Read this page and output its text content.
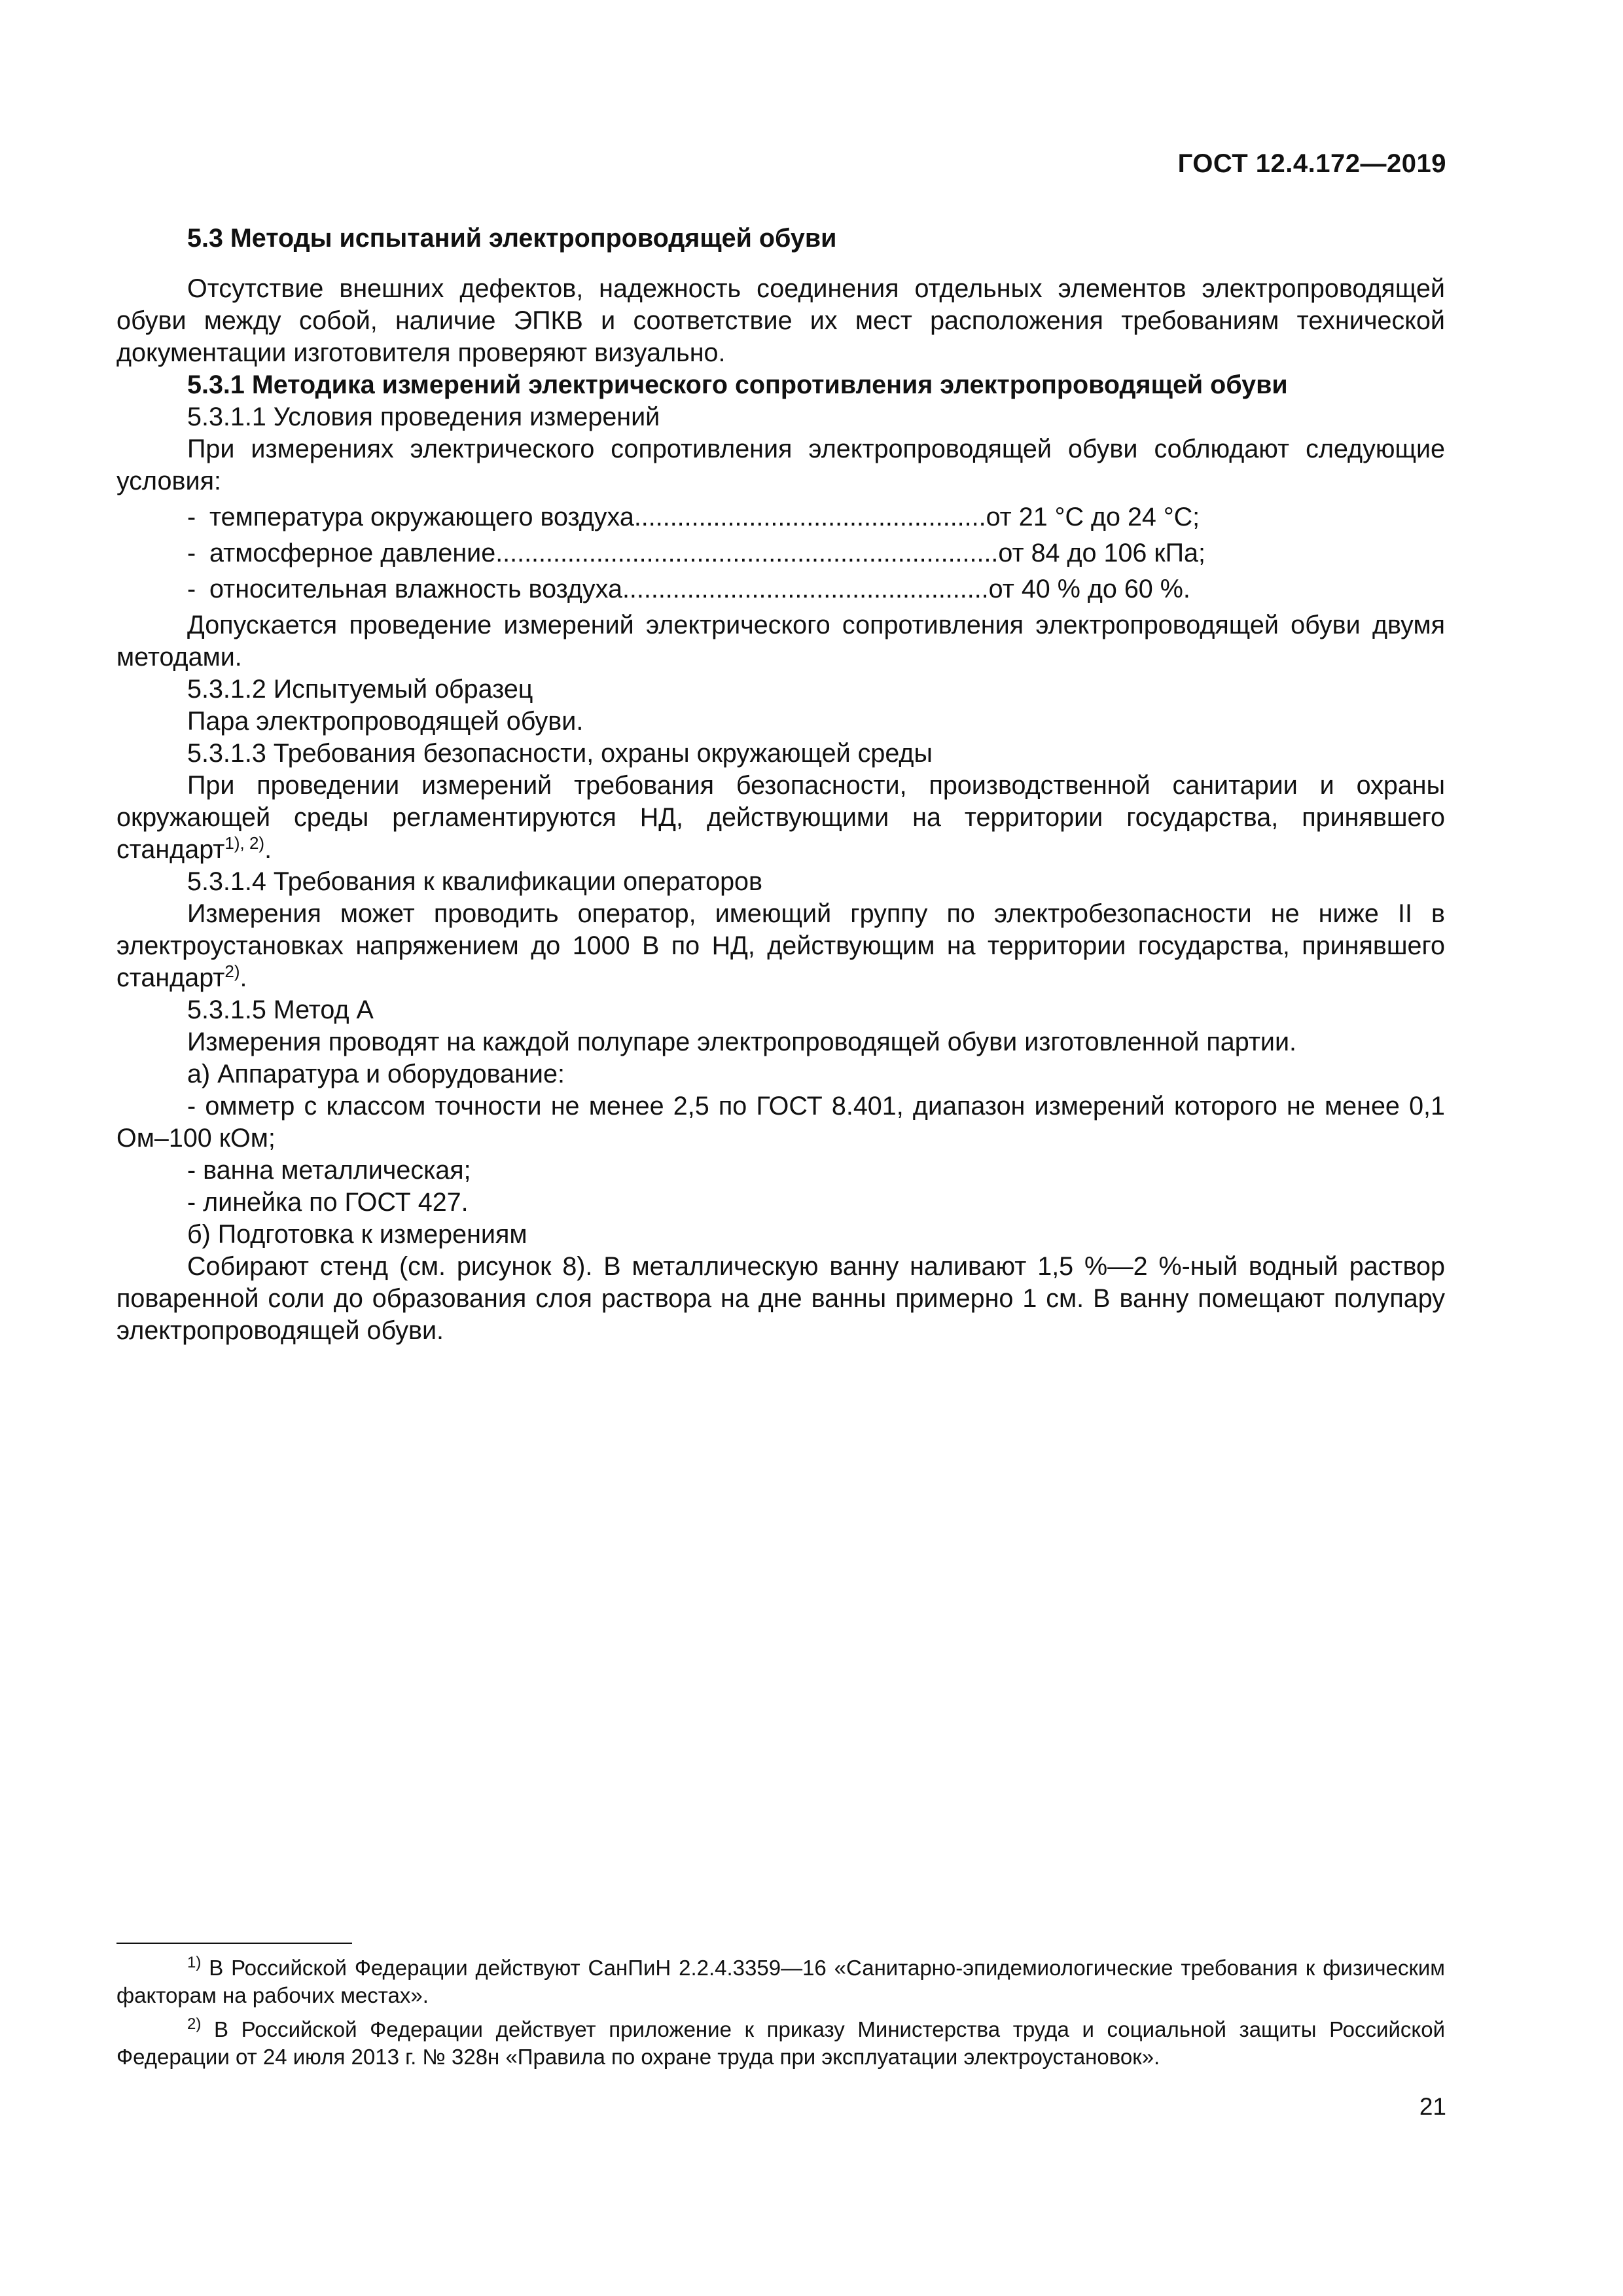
ГОСТ 12.4.172—2019

5.3 Методы испытаний электропроводящей обуви

Отсутствие внешних дефектов, надежность соединения отдельных элементов электропроводящей обуви между собой, наличие ЭПКВ и соответствие их мест расположения требованиям технической документации изготовителя проверяют визуально.

5.3.1 Методика измерений электрического сопротивления электропроводящей обуви

5.3.1.1 Условия проведения измерений

При измерениях электрического сопротивления электропроводящей обуви соблюдают следующие условия:

- температура окружающего воздуха ................................................. от 21 °С до 24 °С;
- атмосферное давление ...................................................................... от 84 до 106 кПа;
- относительная влажность воздуха ................................................... от 40 % до 60 %.

Допускается проведение измерений электрического сопротивления электропроводящей обуви двумя методами.

5.3.1.2 Испытуемый образец

Пара электропроводящей обуви.

5.3.1.3 Требования безопасности, охраны окружающей среды

При проведении измерений требования безопасности, производственной санитарии и охраны окружающей среды регламентируются НД, действующими на территории государства, принявшего стандарт$^{1), 2)}$.

5.3.1.4 Требования к квалификации операторов

Измерения может проводить оператор, имеющий группу по электробезопасности не ниже II в электроустановках напряжением до 1000 В по НД, действующим на территории государства, принявшего стандарт$^{2)}$.

5.3.1.5 Метод А

Измерения проводят на каждой полупаре электропроводящей обуви изготовленной партии.

а) Аппаратура и оборудование:

- омметр с классом точности не менее 2,5 по ГОСТ 8.401, диапазон измерений которого не менее 0,1 Ом–100 кОм;

- ванна металлическая;

- линейка по ГОСТ 427.

б) Подготовка к измерениям

Собирают стенд (см. рисунок 8). В металлическую ванну наливают 1,5 %—2 %-ный водный раствор поваренной соли до образования слоя раствора на дне ванны примерно 1 см. В ванну помещают полупару электропроводящей обуви.

$^{1)}$ В Российской Федерации действуют СанПиН 2.2.4.3359—16 «Санитарно-эпидемиологические требования к физическим факторам на рабочих местах».

$^{2)}$ В Российской Федерации действует приложение к приказу Министерства труда и социальной защиты Российской Федерации от 24 июля 2013 г. № 328н «Правила по охране труда при эксплуатации электроустановок».

21
